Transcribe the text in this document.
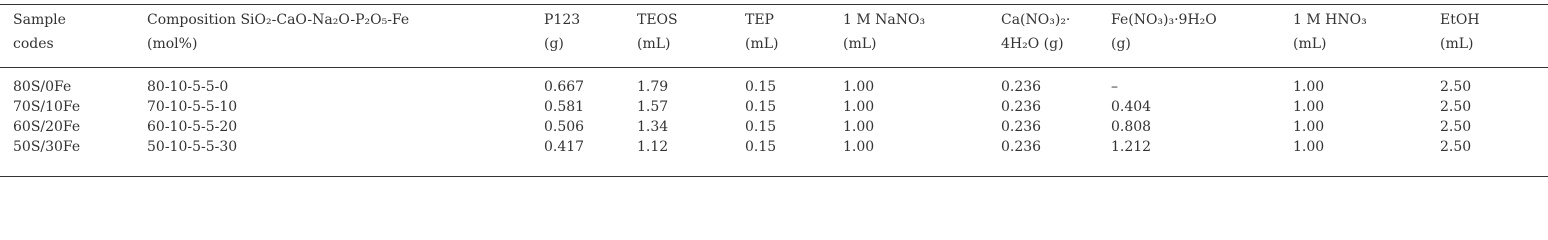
Sample	Composition SiO₂-CaO-Na₂O-P₂O₅-Fe	P123	TEOS	TEP	1 M NaNO₃	Ca(NO₃)₂·	Fe(NO₃)₃·9H₂O	1 M HNO₃	EtOH
codes	(mol%)	(g)	(mL)	(mL)	(mL)	4H₂O (g)	(g)	(mL)	(mL)
80S/0Fe	80-10-5-5-0	0.667	1.79	0.15	1.00	0.236	–	1.00	2.50
70S/10Fe	70-10-5-5-10	0.581	1.57	0.15	1.00	0.236	0.404	1.00	2.50
60S/20Fe	60-10-5-5-20	0.506	1.34	0.15	1.00	0.236	0.808	1.00	2.50
50S/30Fe	50-10-5-5-30	0.417	1.12	0.15	1.00	0.236	1.212	1.00	2.50
